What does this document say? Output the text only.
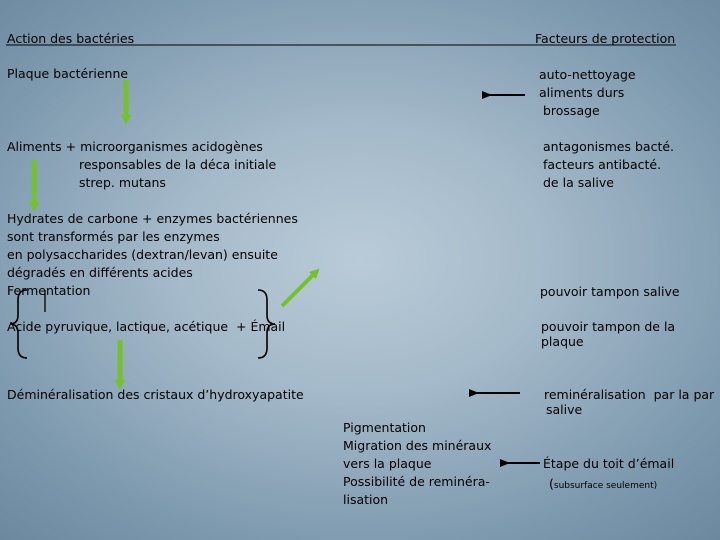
Action des bactéries	Facteurs de protection
Plaque bactérienne
Aliments + microorganismes acidogènes
responsables de la déca initiale
strep. mutans
Hydrates de carbone + enzymes bactériennes
sont transformés par les enzymes
en polysaccharides (dextran/levan) ensuite
dégradés en différents acides
Fermentation
Acide pyruvique, lactique, acétique  + Émail
Déminéralisation des cristaux d’hydroxyapatite
Pigmentation
Migration des minéraux
vers la plaque
Possibilité de reminéra-
lisation
auto-nettoyage
aliments durs
brossage
antagonismes bacté.
facteurs antibacté.
de la salive
pouvoir tampon salive
pouvoir tampon de la
plaque
reminéralisation  par la par
salive
Étape du toit d’émail
(subsurface seulement)
